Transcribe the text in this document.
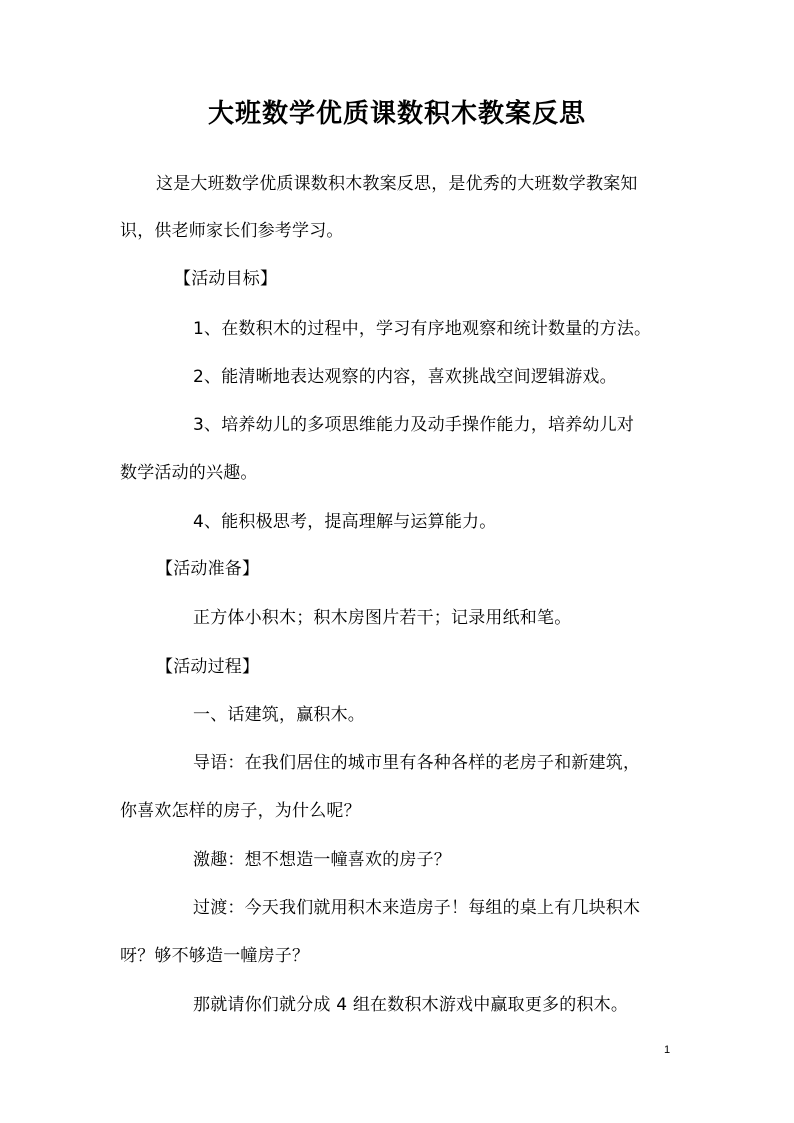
大班数学优质课数积木教案反思
这是大班数学优质课数积木教案反思，是优秀的大班数学教案知
识，供老师家长们参考学习。
【活动目标】
1、在数积木的过程中，学习有序地观察和统计数量的方法。
2、能清晰地表达观察的内容，喜欢挑战空间逻辑游戏。
3、培养幼儿的多项思维能力及动手操作能力，培养幼儿对
数学活动的兴趣。
4、能积极思考，提高理解与运算能力。
【活动准备】
正方体小积木；积木房图片若干；记录用纸和笔。
【活动过程】
一、话建筑，赢积木。
导语：在我们居住的城市里有各种各样的老房子和新建筑，
你喜欢怎样的房子，为什么呢？
激趣：想不想造一幢喜欢的房子？
过渡：今天我们就用积木来造房子！每组的桌上有几块积木
呀？够不够造一幢房子？
那就请你们就分成 4 组在数积木游戏中赢取更多的积木。
1
